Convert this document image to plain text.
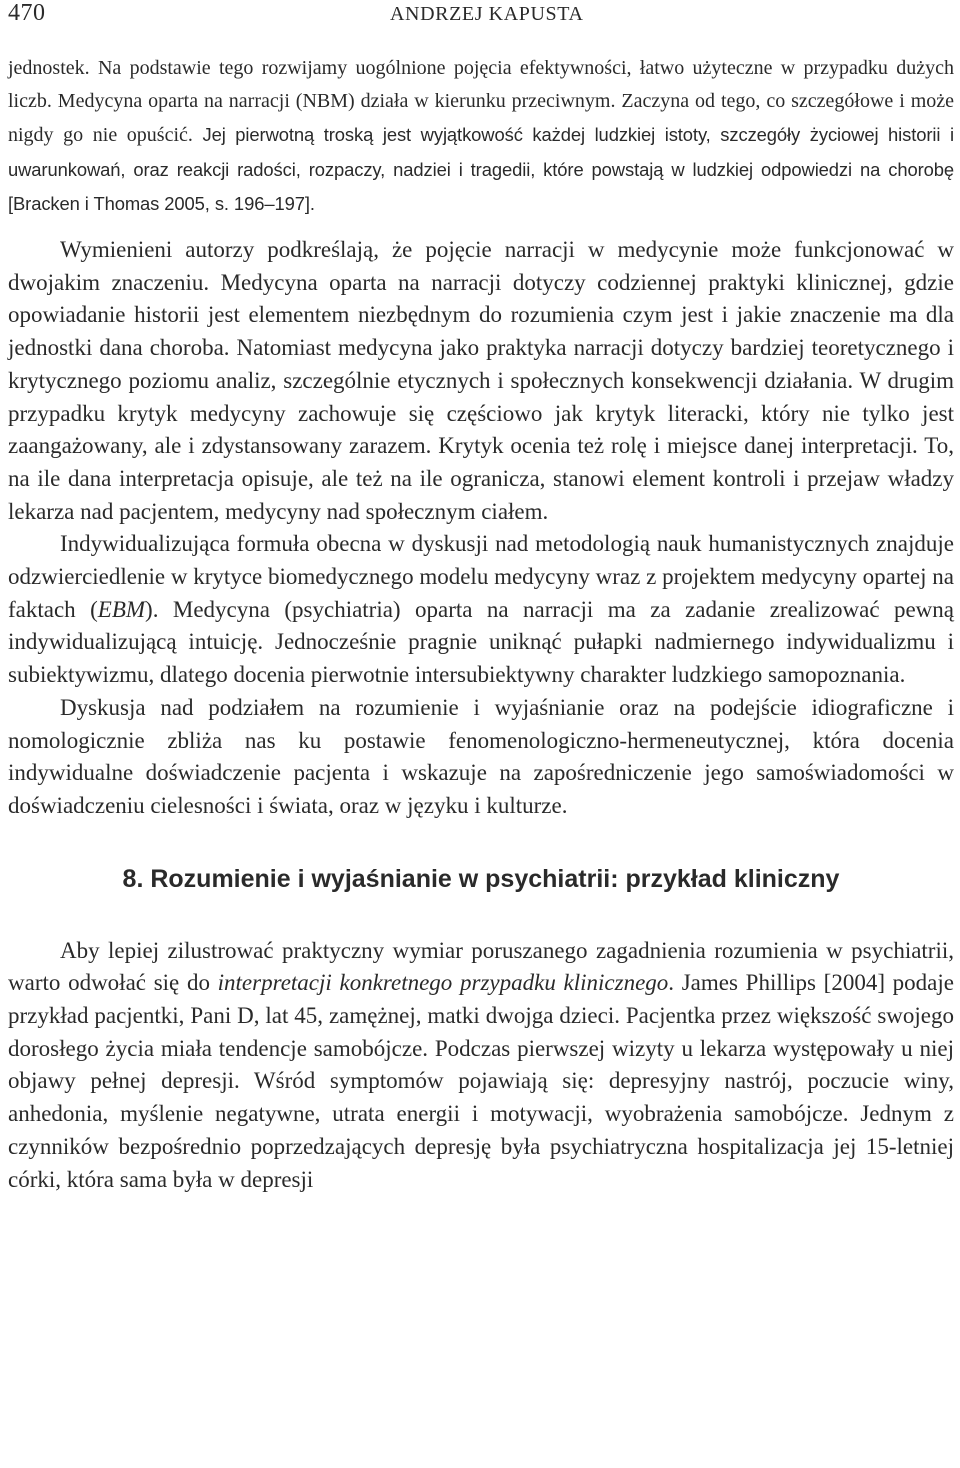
470	ANDRZEJ KAPUSTA
jednostek. Na podstawie tego rozwijamy uogólnione pojęcia efektywności, łatwo użyteczne w przypadku dużych liczb. Medycyna oparta na narracji (NBM) działa w kierunku przeciwnym. Zaczyna od tego, co szczegółowe i może nigdy go nie opuścić. Jej pierwotną troską jest wyjątkowość każdej ludzkiej istoty, szczegóły życiowej historii i uwarunkowań, oraz reakcji radości, rozpaczy, nadziei i tragedii, które powstają w ludzkiej odpowiedzi na chorobę [Bracken i Thomas 2005, s. 196–197].

Wymienieni autorzy podkreślają, że pojęcie narracji w medycynie może funkcjonować w dwojakim znaczeniu. Medycyna oparta na narracji dotyczy codziennej praktyki klinicznej, gdzie opowiadanie historii jest elementem niezbędnym do rozumienia czym jest i jakie znaczenie ma dla jednostki dana choroba. Natomiast medycyna jako praktyka narracji dotyczy bardziej teoretycznego i krytycznego poziomu analiz, szczególnie etycznych i społecznych konsekwencji działania. W drugim przypadku krytyk medycyny zachowuje się częściowo jak krytyk literacki, który nie tylko jest zaangażowany, ale i zdystansowany zarazem. Krytyk ocenia też rolę i miejsce danej interpretacji. To, na ile dana interpretacja opisuje, ale też na ile ogranicza, stanowi element kontroli i przejaw władzy lekarza nad pacjentem, medycyny nad społecznym ciałem.

Indywidualizująca formuła obecna w dyskusji nad metodologią nauk humanistycznych znajduje odzwierciedlenie w krytyce biomedycznego modelu medycyny wraz z projektem medycyny opartej na faktach (EBM). Medycyna (psychiatria) oparta na narracji ma za zadanie zrealizować pewną indywidualizującą intuicję. Jednocześnie pragnie uniknąć pułapki nadmiernego indywidualizmu i subiektywizmu, dlatego docenia pierwotnie intersubiektywny charakter ludzkiego samopoznania.

Dyskusja nad podziałem na rozumienie i wyjaśnianie oraz na podejście idiograficzne i nomologicznie zbliża nas ku postawie fenomenologiczno-hermeneutycznej, która docenia indywidualne doświadczenie pacjenta i wskazuje na zapośredniczenie jego samoświadomości w doświadczeniu cielesności i świata, oraz w języku i kulturze.

8. Rozumienie i wyjaśnianie w psychiatrii: przykład kliniczny

Aby lepiej zilustrować praktyczny wymiar poruszanego zagadnienia rozumienia w psychiatrii, warto odwołać się do interpretacji konkretnego przypadku klinicznego. James Phillips [2004] podaje przykład pacjentki, Pani D, lat 45, zamężnej, matki dwojga dzieci. Pacjentka przez większość swojego dorosłego życia miała tendencje samobójcze. Podczas pierwszej wizyty u lekarza występowały u niej objawy pełnej depresji. Wśród symptomów pojawiają się: depresyjny nastrój, poczucie winy, anhedonia, myślenie negatywne, utrata energii i motywacji, wyobrażenia samobójcze. Jednym z czynników bezpośrednio poprzedzających depresję była psychiatryczna hospitalizacja jej 15-letniej córki, która sama była w depresji
